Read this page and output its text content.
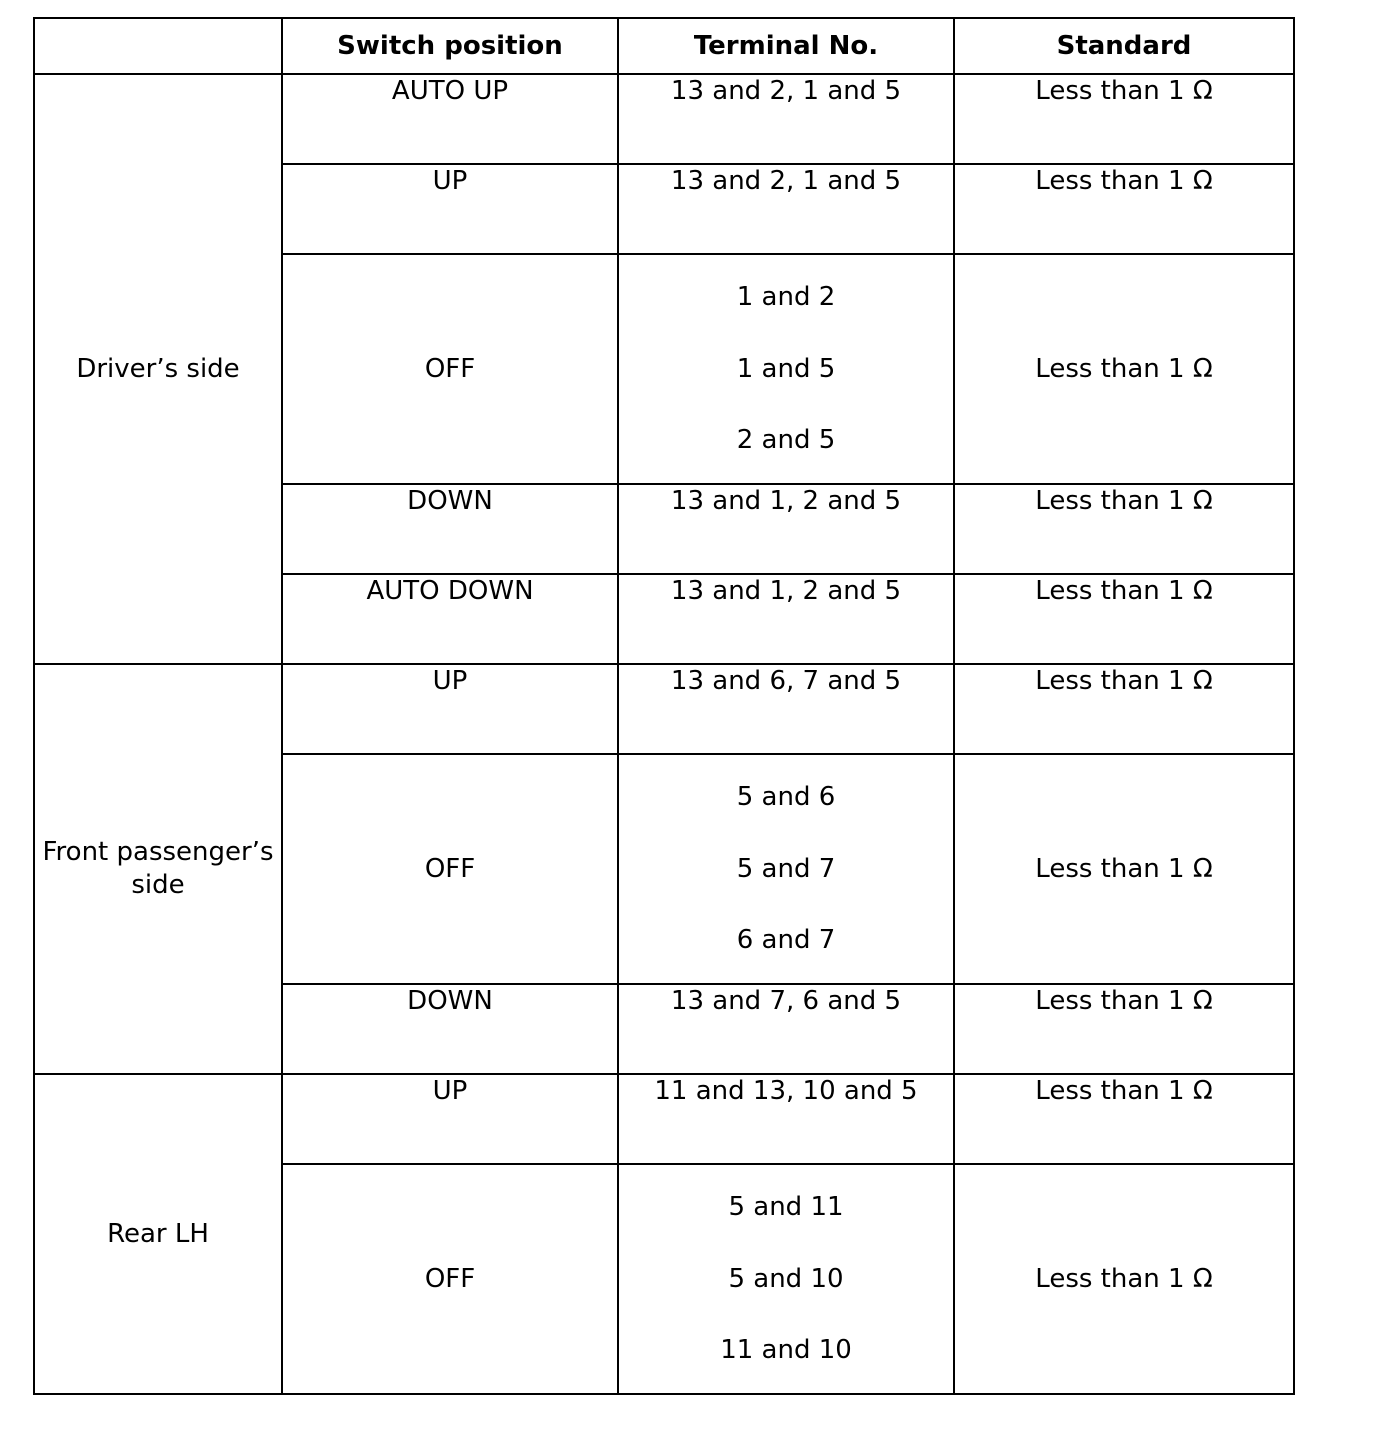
	Switch position	Terminal No.	Standard
Driver’s side	AUTO UP	13 and 2, 1 and 5	Less than 1 Ω
	UP	13 and 2, 1 and 5	Less than 1 Ω
	OFF	1 and 2
1 and 5
2 and 5	Less than 1 Ω
	DOWN	13 and 1, 2 and 5	Less than 1 Ω
	AUTO DOWN	13 and 1, 2 and 5	Less than 1 Ω
Front passenger’s side	UP	13 and 6, 7 and 5	Less than 1 Ω
	OFF	5 and 6
5 and 7
6 and 7	Less than 1 Ω
	DOWN	13 and 7, 6 and 5	Less than 1 Ω
Rear LH	UP	11 and 13, 10 and 5	Less than 1 Ω
	OFF	5 and 11
5 and 10
11 and 10	Less than 1 Ω
